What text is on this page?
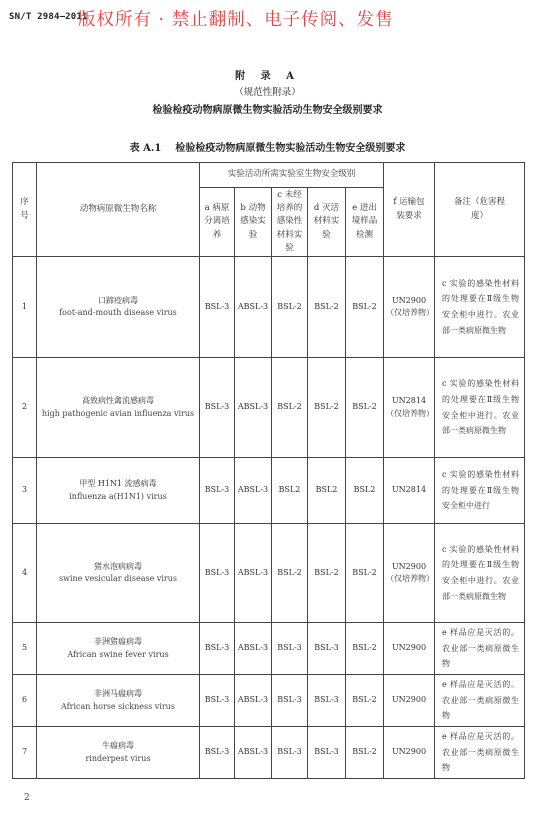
SN/T 2984—2011
版权所有 · 禁止翻制、电子传阅、发售
附 录 A
（规范性附录）
检验检疫动物病原微生物实验活动生物安全级别要求
表 A.1 检验检疫动物病原微生物实验活动生物安全级别要求
序号	动物病原微生物名称	实验活动所需实验室生物安全级别					f 运输包装要求	备注（危害程度）
		a 病原分离培养	b 动物感染实验	c 未经培养的感染性材料实验	d 灭活材料实验	e 进出境样品检测		
1	口蹄疫病毒
foot-and-mouth disease virus	BSL-3	ABSL-3	BSL-2	BSL-2	BSL-2	UN2900（仅培养物）	c 实验的感染性材料的处理要在Ⅱ级生物安全柜中进行。农业部一类病原微生物
2	高致病性禽流感病毒
high pathogenic avian influenza virus	BSL-3	ABSL-3	BSL-2	BSL-2	BSL-2	UN2814（仅培养物）	c 实验的感染性材料的处理要在Ⅱ级生物安全柜中进行。农业部一类病原微生物
3	甲型 H1N1 流感病毒
influenza a(H1N1) virus	BSL-3	ABSL-3	BSL2	BSL2	BSL2	UN2814	c 实验的感染性材料的处理要在Ⅱ级生物安全柜中进行
4	猪水泡病病毒
swine vesicular disease virus	BSL-3	ABSL-3	BSL-2	BSL-2	BSL-2	UN2900（仅培养物）	c 实验的感染性材料的处理要在Ⅱ级生物安全柜中进行。农业部一类病原微生物
5	非洲猪瘟病毒
African swine fever virus	BSL-3	ABSL-3	BSL-3	BSL-3	BSL-2	UN2900	e 样品应是灭活的。农业部一类病原微生物
6	非洲马瘟病毒
African horse sickness virus	BSL-3	ABSL-3	BSL-3	BSL-3	BSL-2	UN2900	e 样品应是灭活的。农业部一类病原微生物
7	牛瘟病毒
rinderpest virus	BSL-3	ABSL-3	BSL-3	BSL-3	BSL-2	UN2900	e 样品应是灭活的。农业部一类病原微生物
2
